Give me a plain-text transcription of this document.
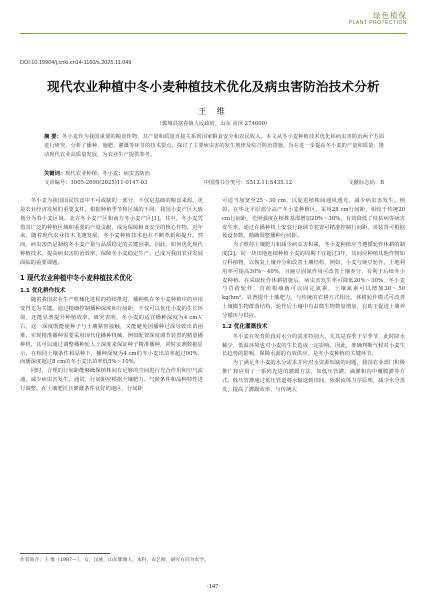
绿色植保
PLANT PROTECTION
DOI:10.19904/j.cnki.cn14-1160/s.2025.11.049
现代农业种植中冬小麦种植技术优化及病虫害防治技术分析
王 维
（鄄城县富春镇人民政府，山东 菏泽 274600）
摘 要：冬小麦作为我国重要的粮食作物，其产量和质量直接关系到国家粮食安全和农民收入。本文从冬小麦种植技术优化和病虫害防治两个方面进行研究，分析了播种、施肥、灌溉等环节的技术要点，探讨了主要病虫害的发生规律及综合防治措施，旨在进一步提高冬小麦的产量和质量，推动现代农业高质量发展，为农业生产提供参考。
关键词：现代农业种植；冬小麦；病虫害防治
文章编号：1005-2690(2025)11-0147-03	中国图书分类号：S512.11;S435.12	文献标志码：B

冬小麦为我国国民饮食中不可或缺的一部分，不仅是基础的粮食来源，更是农业经济发展的重要支柱。根据种植季节和区域的不同，我国小麦产区大致划分为春小麦区域、北方冬小麦产区和南方冬小麦产区[1]。其中，冬小麦凭借其广泛的种植区域和重要的产量贡献，成为保障粮食安全的核心作物。近年来，随着现代农业技术飞速发展，冬小麦种植技术也在不断革新和提升。然而，病虫害仍是制约冬小麦产量与品质稳定的关键因素。因此，如何优化现代种植技术，提高病虫害防治效率，保障冬小麦稳定生产，已成为我国农业发展面临的重要课题。

1 现代农业种植中冬小麦种植技术优化
1.1 优化耕作技术

随着我国农业生产机械化进程的持续推进，播种机在冬小麦种植中的应用变得尤为关键。通过精确控制播种深度和行间距，不仅可以优化小麦的生长环境，还能显著提升种植效率。研究表明，冬小麦的适宜播种深度为4 cm左右，这一深度既能使种子与土壤紧密接触，又能避免因播种过深导致出苗困难。实现精准播种需要采用现代化播种机械，例如配置深度调节装置的精量播种机，其可以通过调整播种轮人土深度来保证种子精准播种，同时实测数据显示，在相同土壤条件和品种下，播种深度为4 cm的冬小麦出苗率超过90%，而播深度超过8 cm的冬小麦出苗率低5%～10%。

同时，合理的行间距能够确保植株间有足够的空间进行光合作用和空气流通，减少病虫害发生。通常，行间距应根据土壤肥力、气候条件和品种特性进行调整。在土壤肥沃且灌溉条件良好的地区，行间距

可适当加宽至25～30 cm，以促进植株间通风透光，减少病虫害发生。例如，在华北平原部分高产冬小麦种植区，采用28 cm行间距，相较于传统20 cm行间距，光照强度在植株基部增加20%～30%，有效降低了纹枯病等病害发生率。通过在播种机上安装行距调节装置可精准控制行间距，该装置可根据预设参数，精确调整播种行间距。

为了维持土壤肥力和减少病虫害积累，冬小麦种植应当遵循轮作休耕的制度[2]。同一块田地连续种植小麦的周期不宜超过3年，其间应种植其他作物如豆科植物，以恢复土壤养分和改善土壤结构，例如，小麦与豌豆轮作，土地利用率可提高30%～40%，且豌豆固氮作用可改善土壤养分，有利于后续冬小麦种植。在采取轮作休耕措施后，病虫害发生率可降低20%～30%，冬小麦与苜蓿轮作，苜蓿根瘤菌可以固定氮素，土壤氮素可以增加30～50 kg/hm²，显著提升土壤肥力。与传统的农耕方式相比，休耕轮作模式可改善土壤微生物群落结构，轮作后土壤中有益微生物数量增加，有助于促进土壤养分循环与供应。

1.2 优化灌溉技术

冬小麦在发育阶段对水分的需求特别大，尤其是春季于旱季节，此时降水稀少，低温环境也对小麦的生长造成一定影响。因此，准确判断气候对小麦生长趋势的影响，保障水源的有效供应，是冬小麦种植的关键环节。

为了满足冬小麦的水分需求并应对水资源短缺的问题，我国农业部门积极推广和应用了一系列先进的灌溉方法，如低压管灌、滴灌和沟中覆膜灌等方式。低压管灌通过低压管道将水输送到田间，依据流体力学原理，减少水分蒸发，提高了灌溉效率，与传统大

作者简介：王 维（1987—），女，汉族，山东鄄城人，本科，农艺师，研究方向为农学。
·147·
